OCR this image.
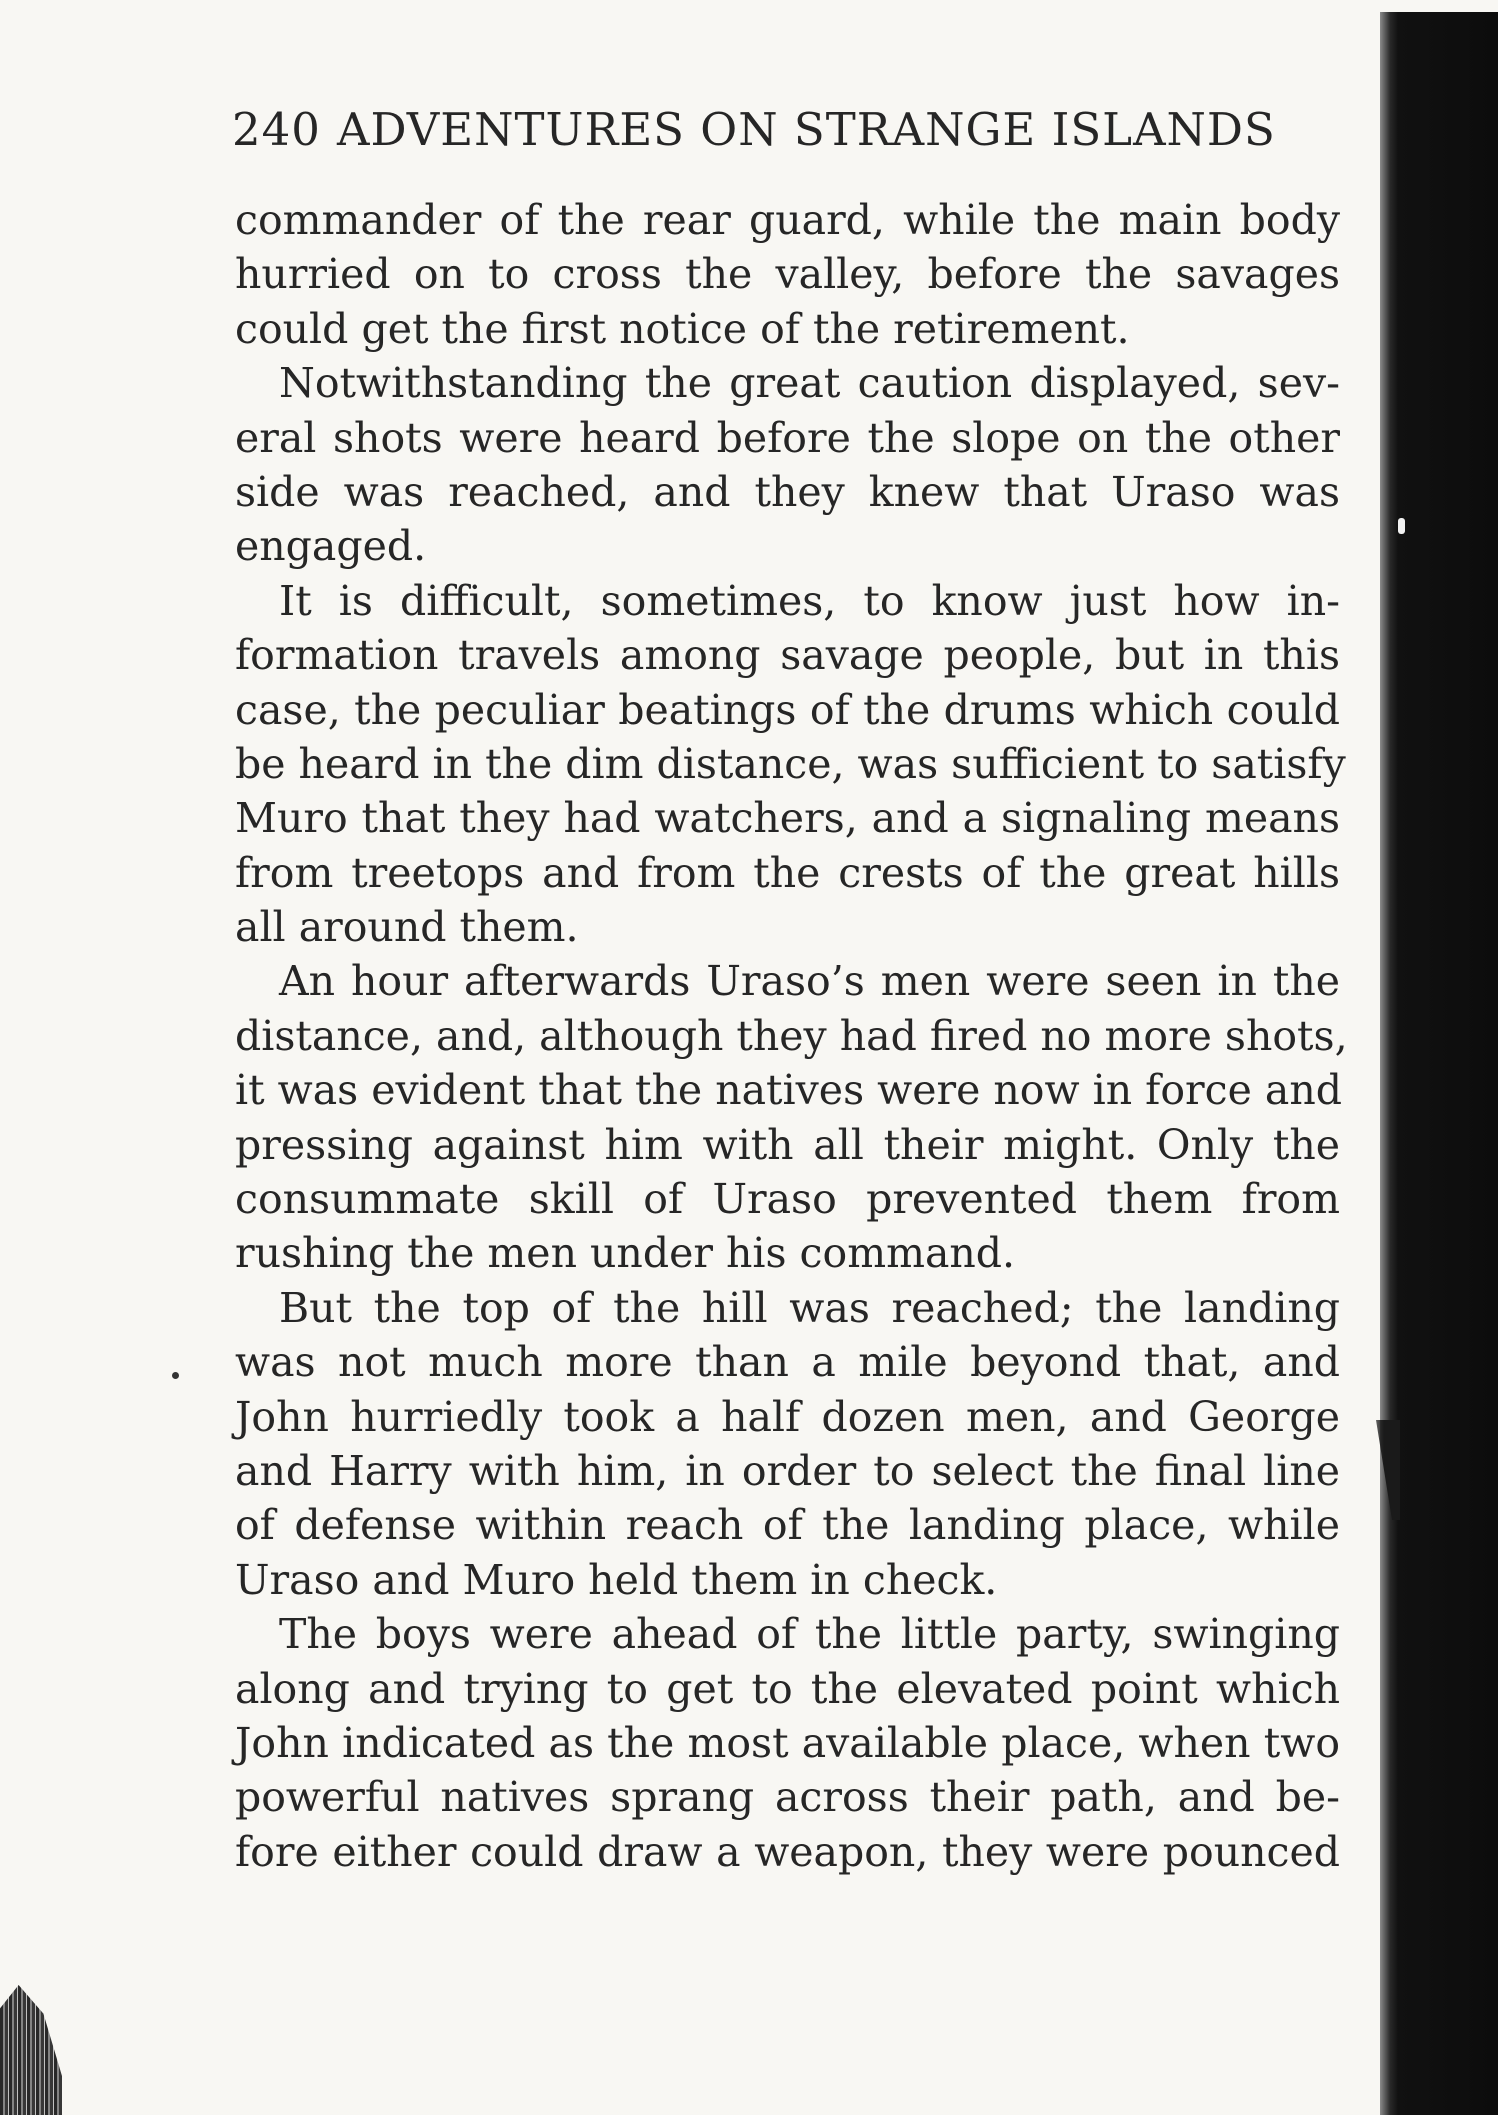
240 ADVENTURES ON STRANGE ISLANDS
commander of the rear guard, while the main body
hurried on to cross the valley, before the savages
could get the first notice of the retirement.
Notwithstanding the great caution displayed, sev-
eral shots were heard before the slope on the other
side was reached, and they knew that Uraso was
engaged.
It is difficult, sometimes, to know just how in-
formation travels among savage people, but in this
case, the peculiar beatings of the drums which could
be heard in the dim distance, was sufficient to satisfy
Muro that they had watchers, and a signaling means
from treetops and from the crests of the great hills
all around them.
An hour afterwards Uraso’s men were seen in the
distance, and, although they had fired no more shots,
it was evident that the natives were now in force and
pressing against him with all their might. Only the
consummate skill of Uraso prevented them from
rushing the men under his command.
But the top of the hill was reached; the landing
was not much more than a mile beyond that, and
John hurriedly took a half dozen men, and George
and Harry with him, in order to select the final line
of defense within reach of the landing place, while
Uraso and Muro held them in check.
The boys were ahead of the little party, swinging
along and trying to get to the elevated point which
John indicated as the most available place, when two
powerful natives sprang across their path, and be-
fore either could draw a weapon, they were pounced
